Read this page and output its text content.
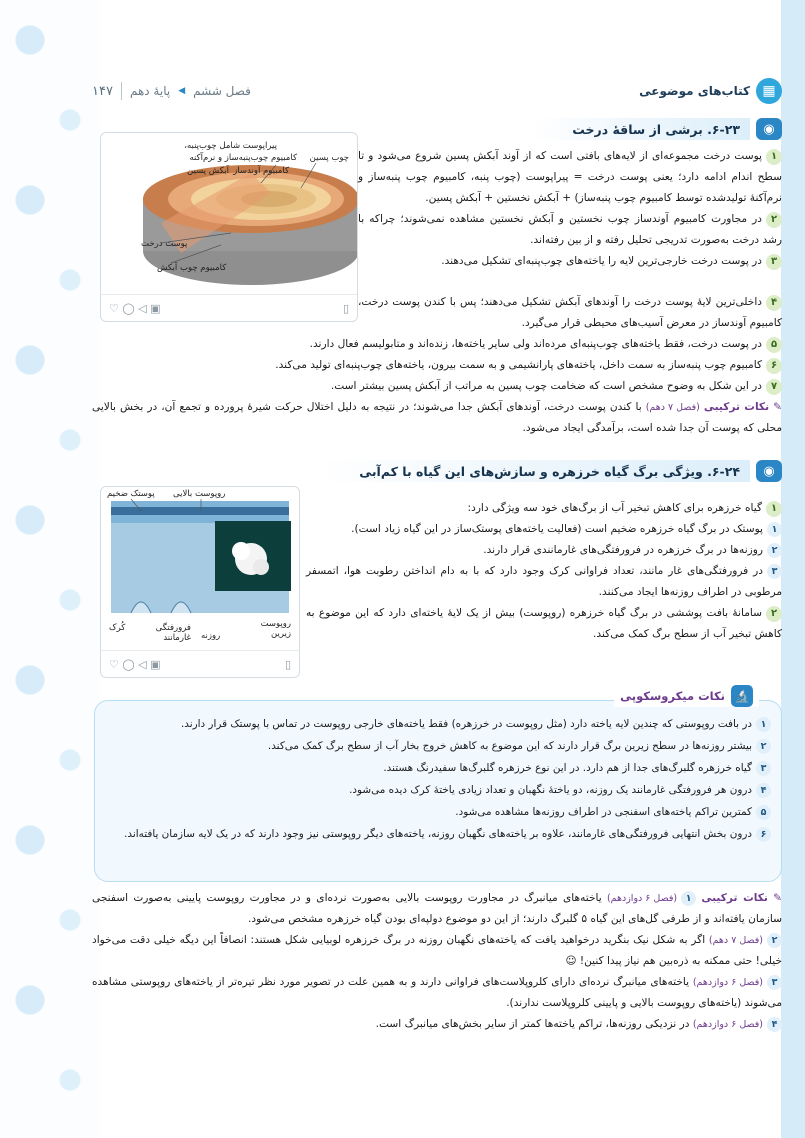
▦
کتاب‌های موضوعی
فصل ششم
◀
پایهٔ دهم
۱۴۷
◉
۶-۲۳. برشی از ساقهٔ درخت
پیراپوست شامل چوب‌پنبه،
کامبیوم چوب‌پنبه‌ساز و نرم‌آکنه
آبکش پسین کامبیوم آوندساز
چوب پسین
پوست درخت
کامبیوم چوب آبکش
♡ ◯ ◁ ▣	▯

۱پوست درخت مجموعه‌ای از لایه‌های بافتی است که از آوند آبکش پسین شروع می‌شود و تا سطح اندام ادامه دارد؛ یعنی پوست درخت = پیراپوست (چوب پنبه، کامبیوم چوب پنبه‌ساز و نرم‌آکنهٔ تولیدشده توسط کامبیوم چوب پنبه‌ساز) + آبکش نخستین + آبکش پسین.

۲در مجاورت کامبیوم آوندساز چوب نخستین و آبکش نخستین مشاهده نمی‌شوند؛ چراکه با رشد درخت به‌صورت تدریجی تحلیل رفته و از بین رفته‌اند.

۳در پوست درخت خارجی‌ترین لایه را یاخته‌های چوب‌پنبه‌ای تشکیل می‌دهند.

۴داخلی‌ترین لایهٔ پوست درخت را آوندهای آبکش تشکیل می‌دهند؛ پس با کندن پوست درخت، کامبیوم آوندساز در معرض آسیب‌های محیطی قرار می‌گیرد.

۵در پوست درخت، فقط یاخته‌های چوب‌پنبه‌ای مرده‌اند ولی سایر یاخته‌ها، زنده‌اند و متابولیسم فعال دارند.

۶کامبیوم چوب پنبه‌ساز به سمت داخل، یاخته‌های پارانشیمی و به سمت بیرون، یاخته‌های چوب‌پنبه‌ای تولید می‌کند.

۷در این شکل به وضوح مشخص است که ضخامت چوب پسین به مراتب از آبکش پسین بیشتر است.

✎ نکات ترکیبی (فصل ۷ دهم) با کندن پوست درخت، آوندهای آبکش جدا می‌شوند؛ در نتیجه به دلیل اختلال حرکت شیرهٔ پرورده و تجمع آن، در بخش بالایی محلی که پوست آن جدا شده است، برآمدگی ایجاد می‌شود.

◉
۶-۲۴. ویژگی برگ گیاه خرزهره و سازش‌های این گیاه با کم‌آبی
پوستک ضخیم روپوست بالایی
روپوست زیرین
روزنه
فرورفتگی غارمانند
کُرک
♡ ◯ ◁ ▣	▯

۱گیاه خرزهره برای کاهش تبخیر آب از برگ‌های خود سه ویژگی دارد:

۱پوستک در برگ گیاه خرزهره ضخیم است (فعالیت یاخته‌های پوستک‌ساز در این گیاه زیاد است).

۲روزنه‌ها در برگ خرزهره در فرورفتگی‌های غارمانندی قرار دارند.

۳در فرورفتگی‌های غار مانند، تعداد فراوانی کرک وجود دارد که با به دام انداختن رطوبت هوا، اتمسفر مرطوبی در اطراف روزنه‌ها ایجاد می‌کنند.

۲سامانهٔ بافت پوششی در برگ گیاه خرزهره (روپوست) بیش از یک لایهٔ یاخته‌ای دارد که این موضوع به کاهش تبخیر آب از سطح برگ کمک می‌کند.

🔬
نکات میکروسکوپی

۱در بافت روپوستی که چندین لایه یاخته دارد (مثل روپوست در خرزهره) فقط یاخته‌های خارجی روپوست در تماس با پوستک قرار دارند.

۲بیشتر روزنه‌ها در سطح زیرین برگ قرار دارند که این موضوع به کاهش خروج بخار آب از سطح برگ کمک می‌کند.

۳گیاه خرزهره گلبرگ‌های جدا از هم دارد. در این نوع خرزهره گلبرگ‌ها سفیدرنگ هستند.

۴درون هر فرورفتگی غارمانند یک روزنه، دو یاختهٔ نگهبان و تعداد زیادی یاختهٔ کرک دیده می‌شود.

۵کمترین تراکم یاخته‌های اسفنجی در اطراف روزنه‌ها مشاهده می‌شود.

۶درون بخش انتهایی فرورفتگی‌های غارمانند، علاوه بر یاخته‌های نگهبان روزنه، یاخته‌های دیگر روپوستی نیز وجود دارند که در یک لایه سازمان یافته‌اند.

✎ نکات ترکیبی ۱(فصل ۶ دوازدهم) یاخته‌های میانبرگ در مجاورت روپوست بالایی به‌صورت نرده‌ای و در مجاورت روپوست پایینی به‌صورت اسفنجی سازمان یافته‌اند و از طرفی گل‌های این گیاه ۵ گلبرگ دارند؛ از این دو موضوع دولپه‌ای بودن گیاه خرزهره مشخص می‌شود.

۲(فصل ۷ دهم) اگر به شکل نیک بنگرید درخواهید یافت که یاخته‌های نگهبان روزنه در برگ خرزهره لوبیایی شکل هستند: انصافاً این دیگه خیلی دقت می‌خواد خیلی! حتی ممکنه به ذره‌بین هم نیاز پیدا کنین! ☺

۳(فصل ۶ دوازدهم) یاخته‌های میانبرگ نرده‌ای دارای کلروپلاست‌های فراوانی دارند و به همین علت در تصویر مورد نظر تیره‌تر از یاخته‌های روپوستی مشاهده می‌شوند (یاخته‌های روپوست بالایی و پایینی کلروپلاست ندارند).

۴(فصل ۶ دوازدهم) در نزدیکی روزنه‌ها، تراکم یاخته‌ها کمتر از سایر بخش‌های میانبرگ است.
